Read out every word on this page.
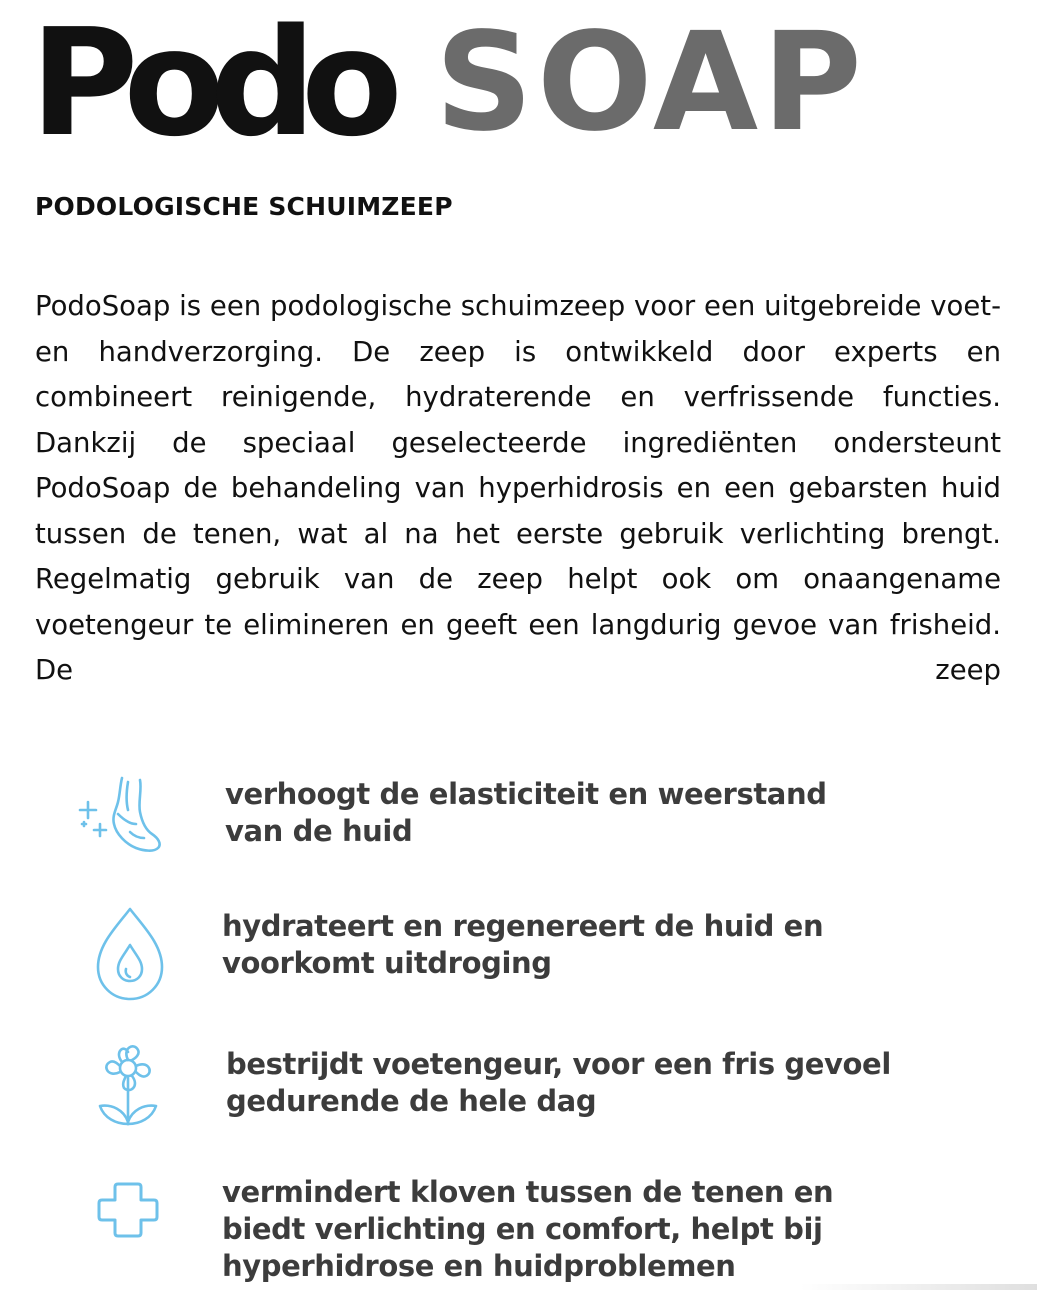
Podo SOAP
PODOLOGISCHE SCHUIMZEEP

PodoSoap is een podologische schuimzeep voor een uitgebreide voet- en handverzorging. De zeep is ontwikkeld door experts en combineert reinigende, hydraterende en verfrissende functies. Dankzij de speciaal geselecteerde ingrediënten ondersteunt PodoSoap de behandeling van hyperhidrosis en een gebarsten huid tussen de tenen, wat al na het eerste gebruik verlichting brengt. Regelmatig gebruik van de zeep helpt ook om onaangename voetengeur te elimineren en geeft een langdurig gevoe van frisheid. De zeep

verhoogt de elasticiteit en weerstand
van de huid
hydrateert en regenereert de huid en
voorkomt uitdroging
bestrijdt voetengeur, voor een fris gevoel
gedurende de hele dag
vermindert kloven tussen de tenen en
biedt verlichting en comfort, helpt bij
hyperhidrose en huidproblemen
